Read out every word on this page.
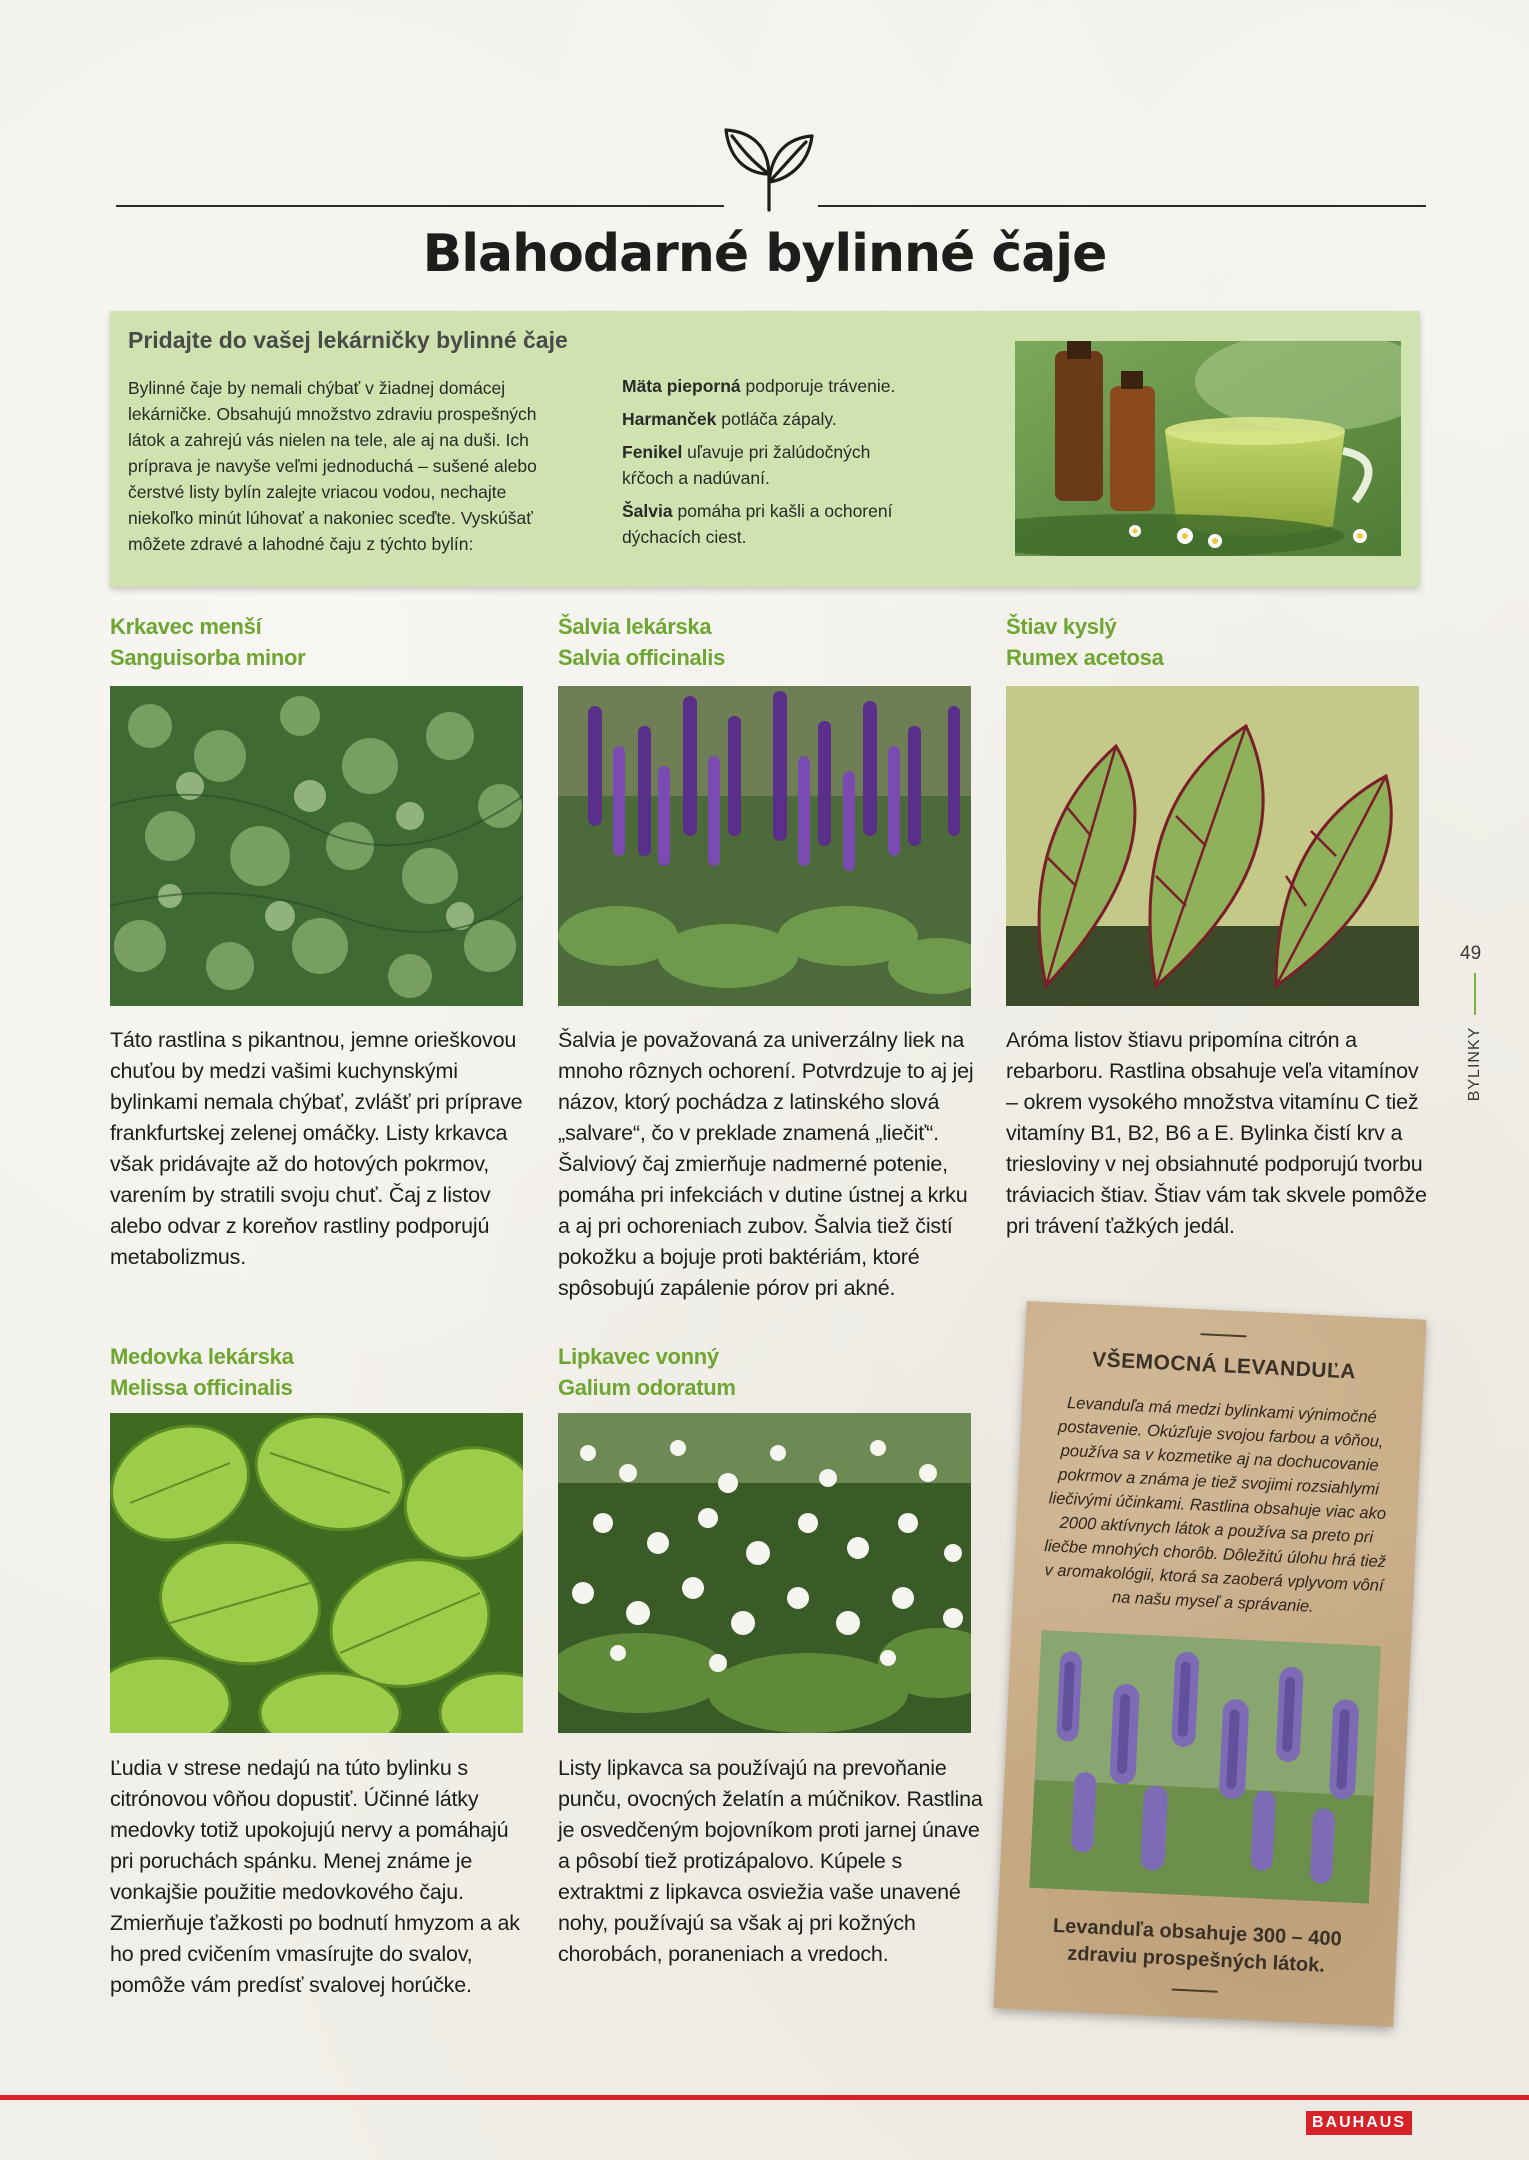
Blahodarné bylinné čaje
Pridajte do vašej lekárničky bylinné čaje
Bylinné čaje by nemali chýbať v žiadnej domácej lekárničke. Obsahujú množstvo zdraviu prospešných látok a zahrejú vás nielen na tele, ale aj na duši. Ich príprava je navyše veľmi jednoduchá – sušené alebo čerstvé listy bylín zalejte vriacou vodou, nechajte niekoľko minút lúhovať a nakoniec sceďte. Vyskúšať môžete zdravé a lahodné čaju z týchto bylín:
Mäta pieporná podporuje trávenie.
Harmanček potláča zápaly.
Fenikel uľavuje pri žalúdočných kŕčoch a nadúvaní.
Šalvia pomáha pri kašli a ochorení dýchacích ciest.
Krkavec menší
Sanguisorba minor
Táto rastlina s pikantnou, jemne orieškovou chuťou by medzi vašimi kuchynskými bylinkami nemala chýbať, zvlášť pri príprave frankfurtskej zelenej omáčky. Listy krkavca však pridávajte až do hotových pokrmov, varením by stratili svoju chuť. Čaj z listov alebo odvar z koreňov rastliny podporujú metabolizmus.
Šalvia lekárska
Salvia officinalis
Šalvia je považovaná za univerzálny liek na mnoho rôznych ochorení. Potvrdzuje to aj jej názov, ktorý pochádza z latinského slová „salvare“, čo v preklade znamená „liečiť“. Šalviový čaj zmierňuje nadmerné potenie, pomáha pri infekciách v dutine ústnej a krku a aj pri ochoreniach zubov. Šalvia tiež čistí pokožku a bojuje proti baktériám, ktoré spôsobujú zapálenie pórov pri akné.
Štiav kyslý
Rumex acetosa
Aróma listov štiavu pripomína citrón a rebarboru. Rastlina obsahuje veľa vitamínov – okrem vysokého množstva vitamínu C tiež vitamíny B1, B2, B6 a E. Bylinka čistí krv a triesloviny v nej obsiahnuté podporujú tvorbu tráviacich štiav. Štiav vám tak skvele pomôže pri trávení ťažkých jedál.
Medovka lekárska
Melissa officinalis
Ľudia v strese nedajú na túto bylinku s citrónovou vôňou dopustiť. Účinné látky medovky totiž upokojujú nervy a pomáhajú pri poruchách spánku. Menej známe je vonkajšie použitie medovkového čaju. Zmierňuje ťažkosti po bodnutí hmyzom a ak ho pred cvičením vmasírujte do svalov, pomôže vám predísť svalovej horúčke.
Lipkavec vonný
Galium odoratum
Listy lipkavca sa používajú na prevoňanie punču, ovocných želatín a múčnikov. Rastlina je osvedčeným bojovníkom proti jarnej únave a pôsobí tiež protizápalovo. Kúpele s extraktmi z lipkavca osviežia vaše unavené nohy, používajú sa však aj pri kožných chorobách, poraneniach a vredoch.
49
BYLINKY
VŠEMOCNÁ LEVANDUĽA
Levanduľa má medzi bylinkami výnimočné postavenie. Okúzľuje svojou farbou a vôňou, používa sa v kozmetike aj na dochucovanie pokrmov a známa je tiež svojimi rozsiahlymi liečivými účinkami. Rastlina obsahuje viac ako 2000 aktívnych látok a používa sa preto pri liečbe mnohých chorôb. Dôležitú úlohu hrá tiež v aromakológii, ktorá sa zaoberá vplyvom vôní na našu myseľ a správanie.
Levanduľa obsahuje 300 – 400 zdraviu prospešných látok.
BAUHAUS
